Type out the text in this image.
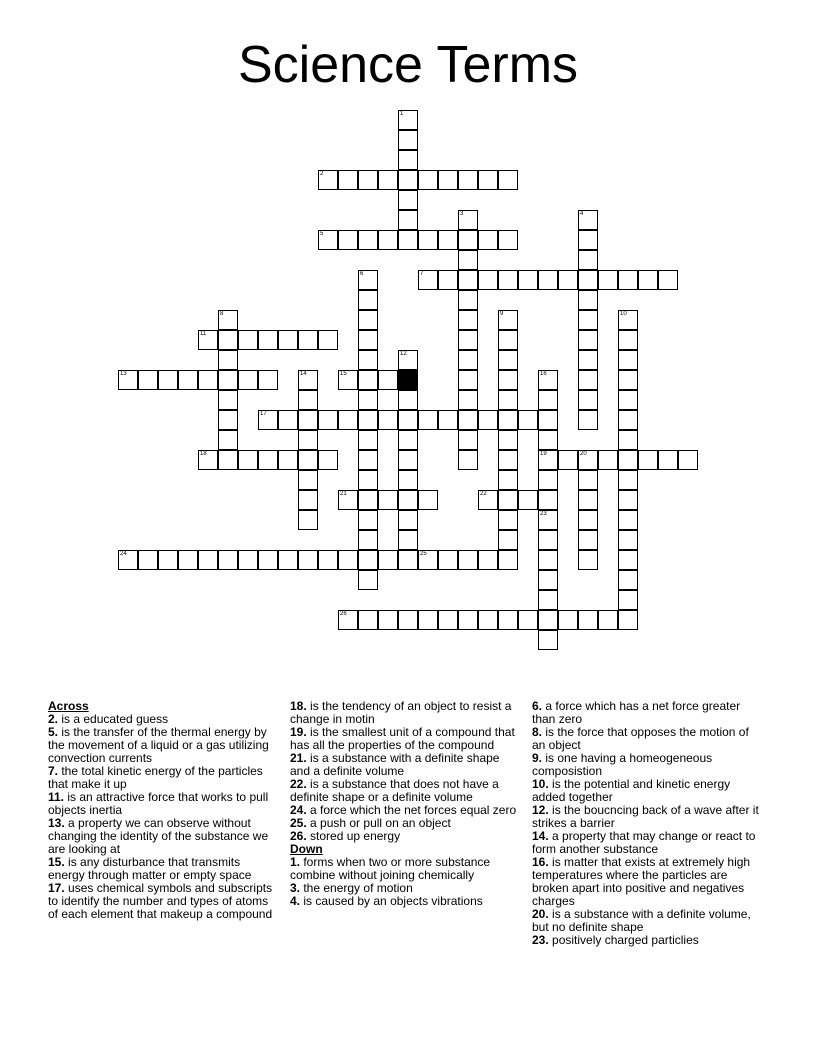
Science Terms
1
2
3	4
5
6	7
8	9	10
11
12
13	14	15	16
19
17
18	20
21	22
23
24	25
26
Across
2. is a educated guess
5. is the transfer of the thermal energy by the movement of a liquid or a gas utilizing convection currents
7. the total kinetic energy of the particles that make it up
11. is an attractive force that works to pull objects inertia
13. a property we can observe without changing the identity of the substance we are looking at
15. is any disturbance that transmits energy through matter or empty space
17. uses chemical symbols and subscripts to identify the number and types of atoms of each element that makeup a compound
18. is the tendency of an object to resist a change in motin
19. is the smallest unit of a compound that has all the properties of the compound
21. is a substance with a definite shape and a definite volume
22. is a substance that does not have a definite shape or a definite volume
24. a force which the net forces equal zero
25. a push or pull on an object
26. stored up energy
Down
1. forms when two or more substance combine without joining chemically
3. the energy of motion
4. is caused by an objects vibrations
6. a force which has a net force greater than zero
8. is the force that opposes the motion of an object
9. is one having a homeogeneous composistion
10. is the potential and kinetic energy added together
12. is the boucncing back of a wave after it strikes a barrier
14. a property that may change or react to form another substance
16. is matter that exists at extremely high temperatures where the particles are broken apart into positive and negatives charges
20. is a substance with a definite volume, but no definite shape
23. positively charged particlies
